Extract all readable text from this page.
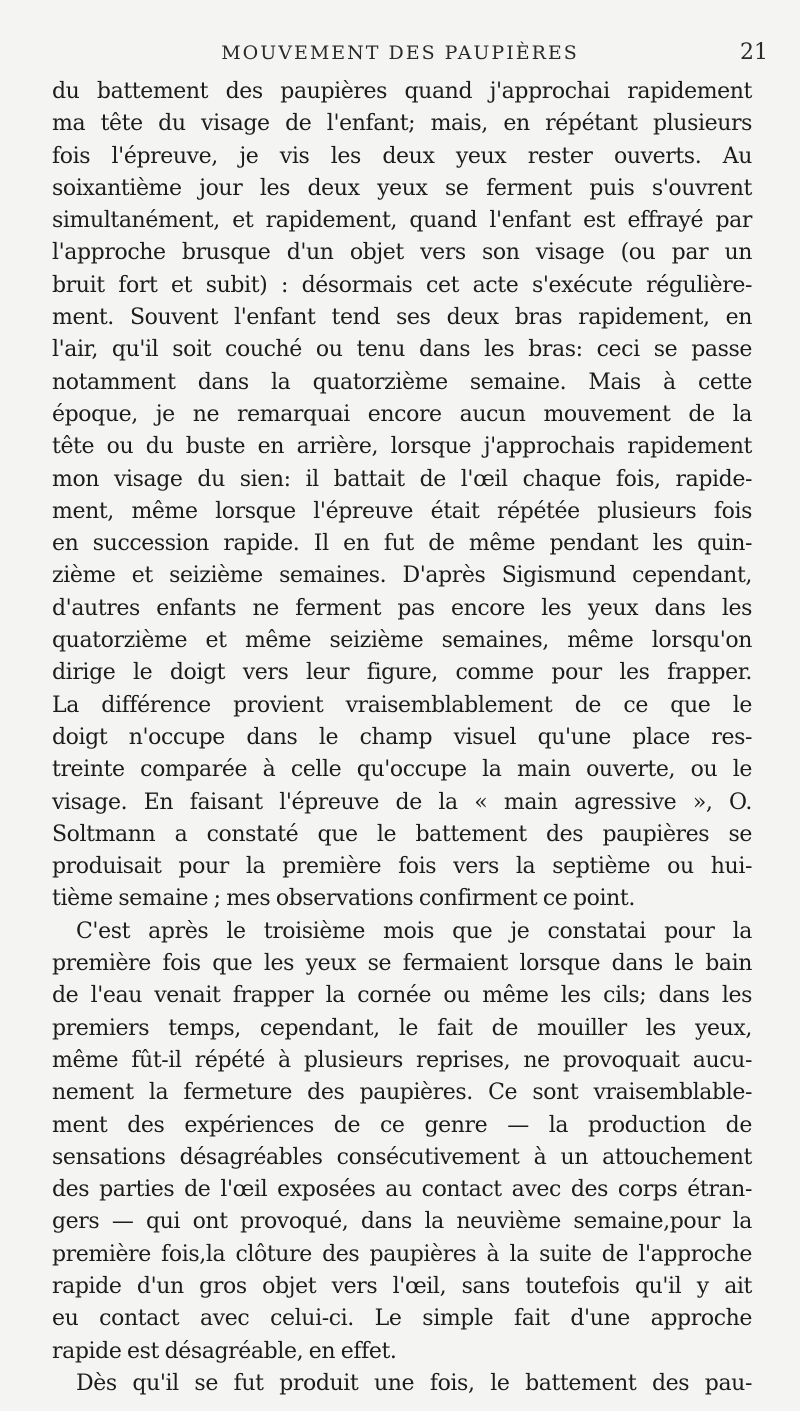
MOUVEMENT DES PAUPIÈRES	21
du battement des paupières quand j'approchai rapidement
ma tête du visage de l'enfant; mais, en répétant plusieurs
fois l'épreuve, je vis les deux yeux rester ouverts. Au
soixantième jour les deux yeux se ferment puis s'ouvrent
simultanément, et rapidement, quand l'enfant est effrayé par
l'approche brusque d'un objet vers son visage (ou par un
bruit fort et subit) : désormais cet acte s'exécute régulière-
ment. Souvent l'enfant tend ses deux bras rapidement, en
l'air, qu'il soit couché ou tenu dans les bras: ceci se passe
notamment dans la quatorzième semaine. Mais à cette
époque, je ne remarquai encore aucun mouvement de la
tête ou du buste en arrière, lorsque j'approchais rapidement
mon visage du sien: il battait de l'œil chaque fois, rapide-
ment, même lorsque l'épreuve était répétée plusieurs fois
en succession rapide. Il en fut de même pendant les quin-
zième et seizième semaines. D'après Sigismund cependant,
d'autres enfants ne ferment pas encore les yeux dans les
quatorzième et même seizième semaines, même lorsqu'on
dirige le doigt vers leur figure, comme pour les frapper.
La différence provient vraisemblablement de ce que le
doigt n'occupe dans le champ visuel qu'une place res-
treinte comparée à celle qu'occupe la main ouverte, ou le
visage. En faisant l'épreuve de la « main agressive », O.
Soltmann a constaté que le battement des paupières se
produisait pour la première fois vers la septième ou hui-
tième semaine ; mes observations confirment ce point.
C'est après le troisième mois que je constatai pour la
première fois que les yeux se fermaient lorsque dans le bain
de l'eau venait frapper la cornée ou même les cils; dans les
premiers temps, cependant, le fait de mouiller les yeux,
même fût-il répété à plusieurs reprises, ne provoquait aucu-
nement la fermeture des paupières. Ce sont vraisemblable-
ment des expériences de ce genre — la production de
sensations désagréables consécutivement à un attouchement
des parties de l'œil exposées au contact avec des corps étran-
gers — qui ont provoqué, dans la neuvième semaine,pour la
première fois,la clôture des paupières à la suite de l'approche
rapide d'un gros objet vers l'œil, sans toutefois qu'il y ait
eu contact avec celui-ci. Le simple fait d'une approche
rapide est désagréable, en effet.
Dès qu'il se fut produit une fois, le battement des pau-
